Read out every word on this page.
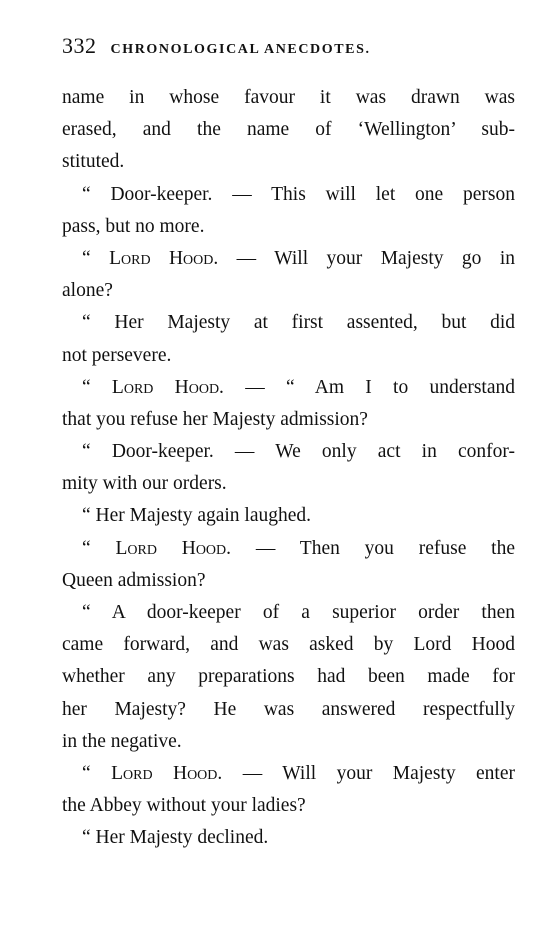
332 CHRONOLOGICAL ANECDOTES.
name in whose favour it was drawn was
erased, and the name of ‘Wellington’ sub-
stituted.
“ Door-keeper. — This will let one person
pass, but no more.
“ Lord Hood. — Will your Majesty go in
alone?
“ Her Majesty at first assented, but did
not persevere.
“ Lord Hood. — “ Am I to understand
that you refuse her Majesty admission?
“ Door-keeper. — We only act in confor-
mity with our orders.
“ Her Majesty again laughed.
“ Lord Hood. — Then you refuse the
Queen admission?
“ A door-keeper of a superior order then
came forward, and was asked by Lord Hood
whether any preparations had been made for
her Majesty? He was answered respectfully
in the negative.
“ Lord Hood. — Will your Majesty enter
the Abbey without your ladies?
“ Her Majesty declined.
